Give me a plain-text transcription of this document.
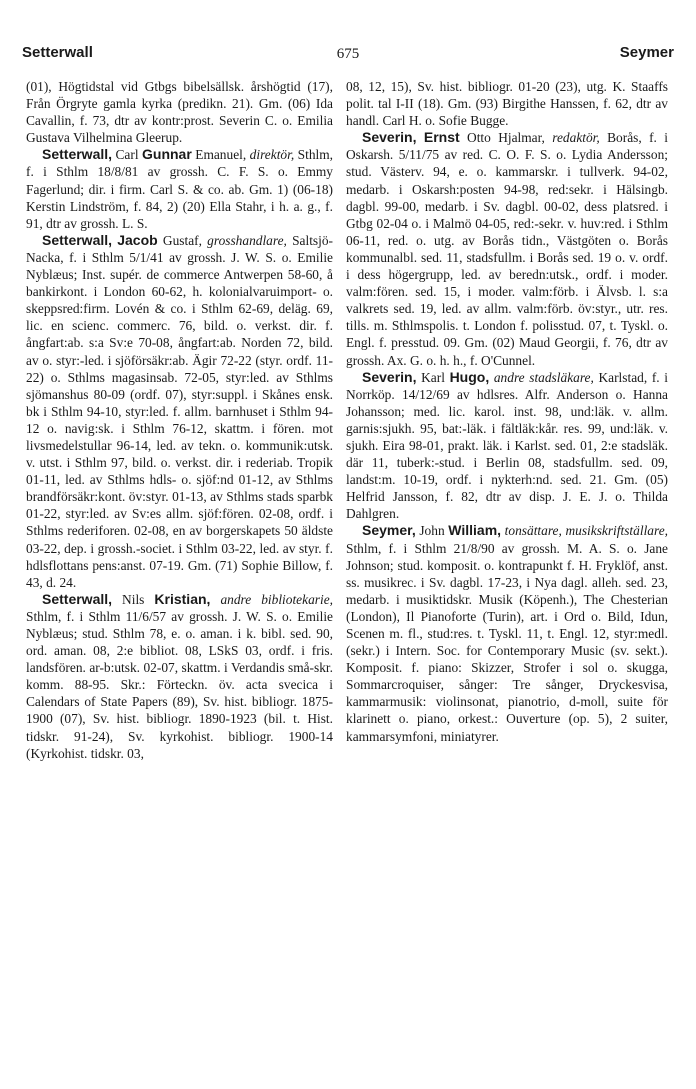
Setterwall	675	Seymer

(01), Högtidstal vid Gtbgs bibelsällsk. årshögtid (17), Från Örgryte gamla kyrka (predikn. 21). Gm. (06) Ida Cavallin, f. 73, dtr av kontr:prost. Severin C. o. Emilia Gustava Vilhelmina Gleerup.

Setterwall, Carl Gunnar Emanuel, direktör, Sthlm, f. i Sthlm 18/8/81 av grossh. C. F. S. o. Emmy Fagerlund; dir. i firm. Carl S. & co. ab. Gm. 1) (06-18) Kerstin Lindström, f. 84, 2) (20) Ella Stahr, i h. a. g., f. 91, dtr av grossh. L. S.

Setterwall, Jacob Gustaf, grosshandlare, Saltsjö-Nacka, f. i Sthlm 5/1/41 av grossh. J. W. S. o. Emilie Nyblæus; Inst. supér. de commerce Antwerpen 58-60, å bankirkont. i London 60-62, h. kolonialvaruimport- o. skeppsred:firm. Lovén & co. i Sthlm 62-69, deläg. 69, lic. en scienc. commerc. 76, bild. o. verkst. dir. f. ångfart:ab. s:a Sv:e 70-08, ångfart:ab. Norden 72, bild. av o. styr:-led. i sjöförsäkr:ab. Ägir 72-22 (styr. ordf. 11-22) o. Sthlms magasinsab. 72-05, styr:led. av Sthlms sjömanshus 80-09 (ordf. 07), styr:suppl. i Skånes ensk. bk i Sthlm 94-10, styr:led. f. allm. barnhuset i Sthlm 94-12 o. navig:sk. i Sthlm 76-12, skattm. i fören. mot livsmedelstullar 96-14, led. av tekn. o. kommunik:utsk. v. utst. i Sthlm 97, bild. o. verkst. dir. i rederiab. Tropik 01-11, led. av Sthlms hdls- o. sjöf:nd 01-12, av Sthlms brandförsäkr:kont. öv:styr. 01-13, av Sthlms stads sparbk 01-22, styr:led. av Sv:es allm. sjöf:fören. 02-08, ordf. i Sthlms rederiforen. 02-08, en av borgerskapets 50 äldste 03-22, dep. i grossh.-societ. i Sthlm 03-22, led. av styr. f. hdlsflottans pens:anst. 07-19. Gm. (71) Sophie Billow, f. 43, d. 24.

Setterwall, Nils Kristian, andre bibliotekarie, Sthlm, f. i Sthlm 11/6/57 av grossh. J. W. S. o. Emilie Nyblæus; stud. Sthlm 78, e. o. aman. i k. bibl. sed. 90, ord. aman. 08, 2:e bibliot. 08, LSkS 03, ordf. i fris. landsfören. ar-b:utsk. 02-07, skattm. i Verdandis små-skr. komm. 88-95. Skr.: Förteckn. öv. acta svecica i Calendars of State Papers (89), Sv. hist. bibliogr. 1875-1900 (07), Sv. hist. bibliogr. 1890-1923 (bil. t. Hist. tidskr. 91-24), Sv. kyrkohist. bibliogr. 1900-14 (Kyrkohist. tidskr. 03,

08, 12, 15), Sv. hist. bibliogr. 01-20 (23), utg. K. Staaffs polit. tal I-II (18). Gm. (93) Birgithe Hanssen, f. 62, dtr av handl. Carl H. o. Sofie Bugge.

Severin, Ernst Otto Hjalmar, redaktör, Borås, f. i Oskarsh. 5/11/75 av red. C. O. F. S. o. Lydia Andersson; stud. Västerv. 94, e. o. kammarskr. i tullverk. 94-02, medarb. i Oskarsh:posten 94-98, red:sekr. i Hälsingb. dagbl. 99-00, medarb. i Sv. dagbl. 00-02, dess platsred. i Gtbg 02-04 o. i Malmö 04-05, red:-sekr. v. huv:red. i Sthlm 06-11, red. o. utg. av Borås tidn., Västgöten o. Borås kommunalbl. sed. 11, stadsfullm. i Borås sed. 19 o. v. ordf. i dess högergrupp, led. av beredn:utsk., ordf. i moder. valm:fören. sed. 15, i moder. valm:förb. i Älvsb. l. s:a valkrets sed. 19, led. av allm. valm:förb. öv:styr., utr. res. tills. m. Sthlmspolis. t. London f. polisstud. 07, t. Tyskl. o. Engl. f. presstud. 09. Gm. (02) Maud Georgii, f. 76, dtr av grossh. Ax. G. o. h. h., f. O'Cunnel.

Severin, Karl Hugo, andre stadsläkare, Karlstad, f. i Norrköp. 14/12/69 av hdlsres. Alfr. Anderson o. Hanna Johansson; med. lic. karol. inst. 98, und:läk. v. allm. garnis:sjukh. 95, bat:-läk. i fältläk:kår. res. 99, und:läk. v. sjukh. Eira 98-01, prakt. läk. i Karlst. sed. 01, 2:e stadsläk. där 11, tuberk:-stud. i Berlin 08, stadsfullm. sed. 09, landst:m. 10-19, ordf. i nykterh:nd. sed. 21. Gm. (05) Helfrid Jansson, f. 82, dtr av disp. J. E. J. o. Thilda Dahlgren.

Seymer, John William, tonsättare, musikskriftställare, Sthlm, f. i Sthlm 21/8/90 av grossh. M. A. S. o. Jane Johnson; stud. komposit. o. kontrapunkt f. H. Fryklöf, anst. ss. musikrec. i Sv. dagbl. 17-23, i Nya dagl. alleh. sed. 23, medarb. i musiktidskr. Musik (Köpenh.), The Chesterian (London), Il Pianoforte (Turin), art. i Ord o. Bild, Idun, Scenen m. fl., stud:res. t. Tyskl. 11, t. Engl. 12, styr:medl. (sekr.) i Intern. Soc. for Contemporary Music (sv. sekt.). Komposit. f. piano: Skizzer, Strofer i sol o. skugga, Sommarcroquiser, sånger: Tre sånger, Dryckesvisa, kammarmusik: violinsonat, pianotrio, d-moll, suite för klarinett o. piano, orkest.: Ouverture (op. 5), 2 suiter, kammarsymfoni, miniatyrer.
